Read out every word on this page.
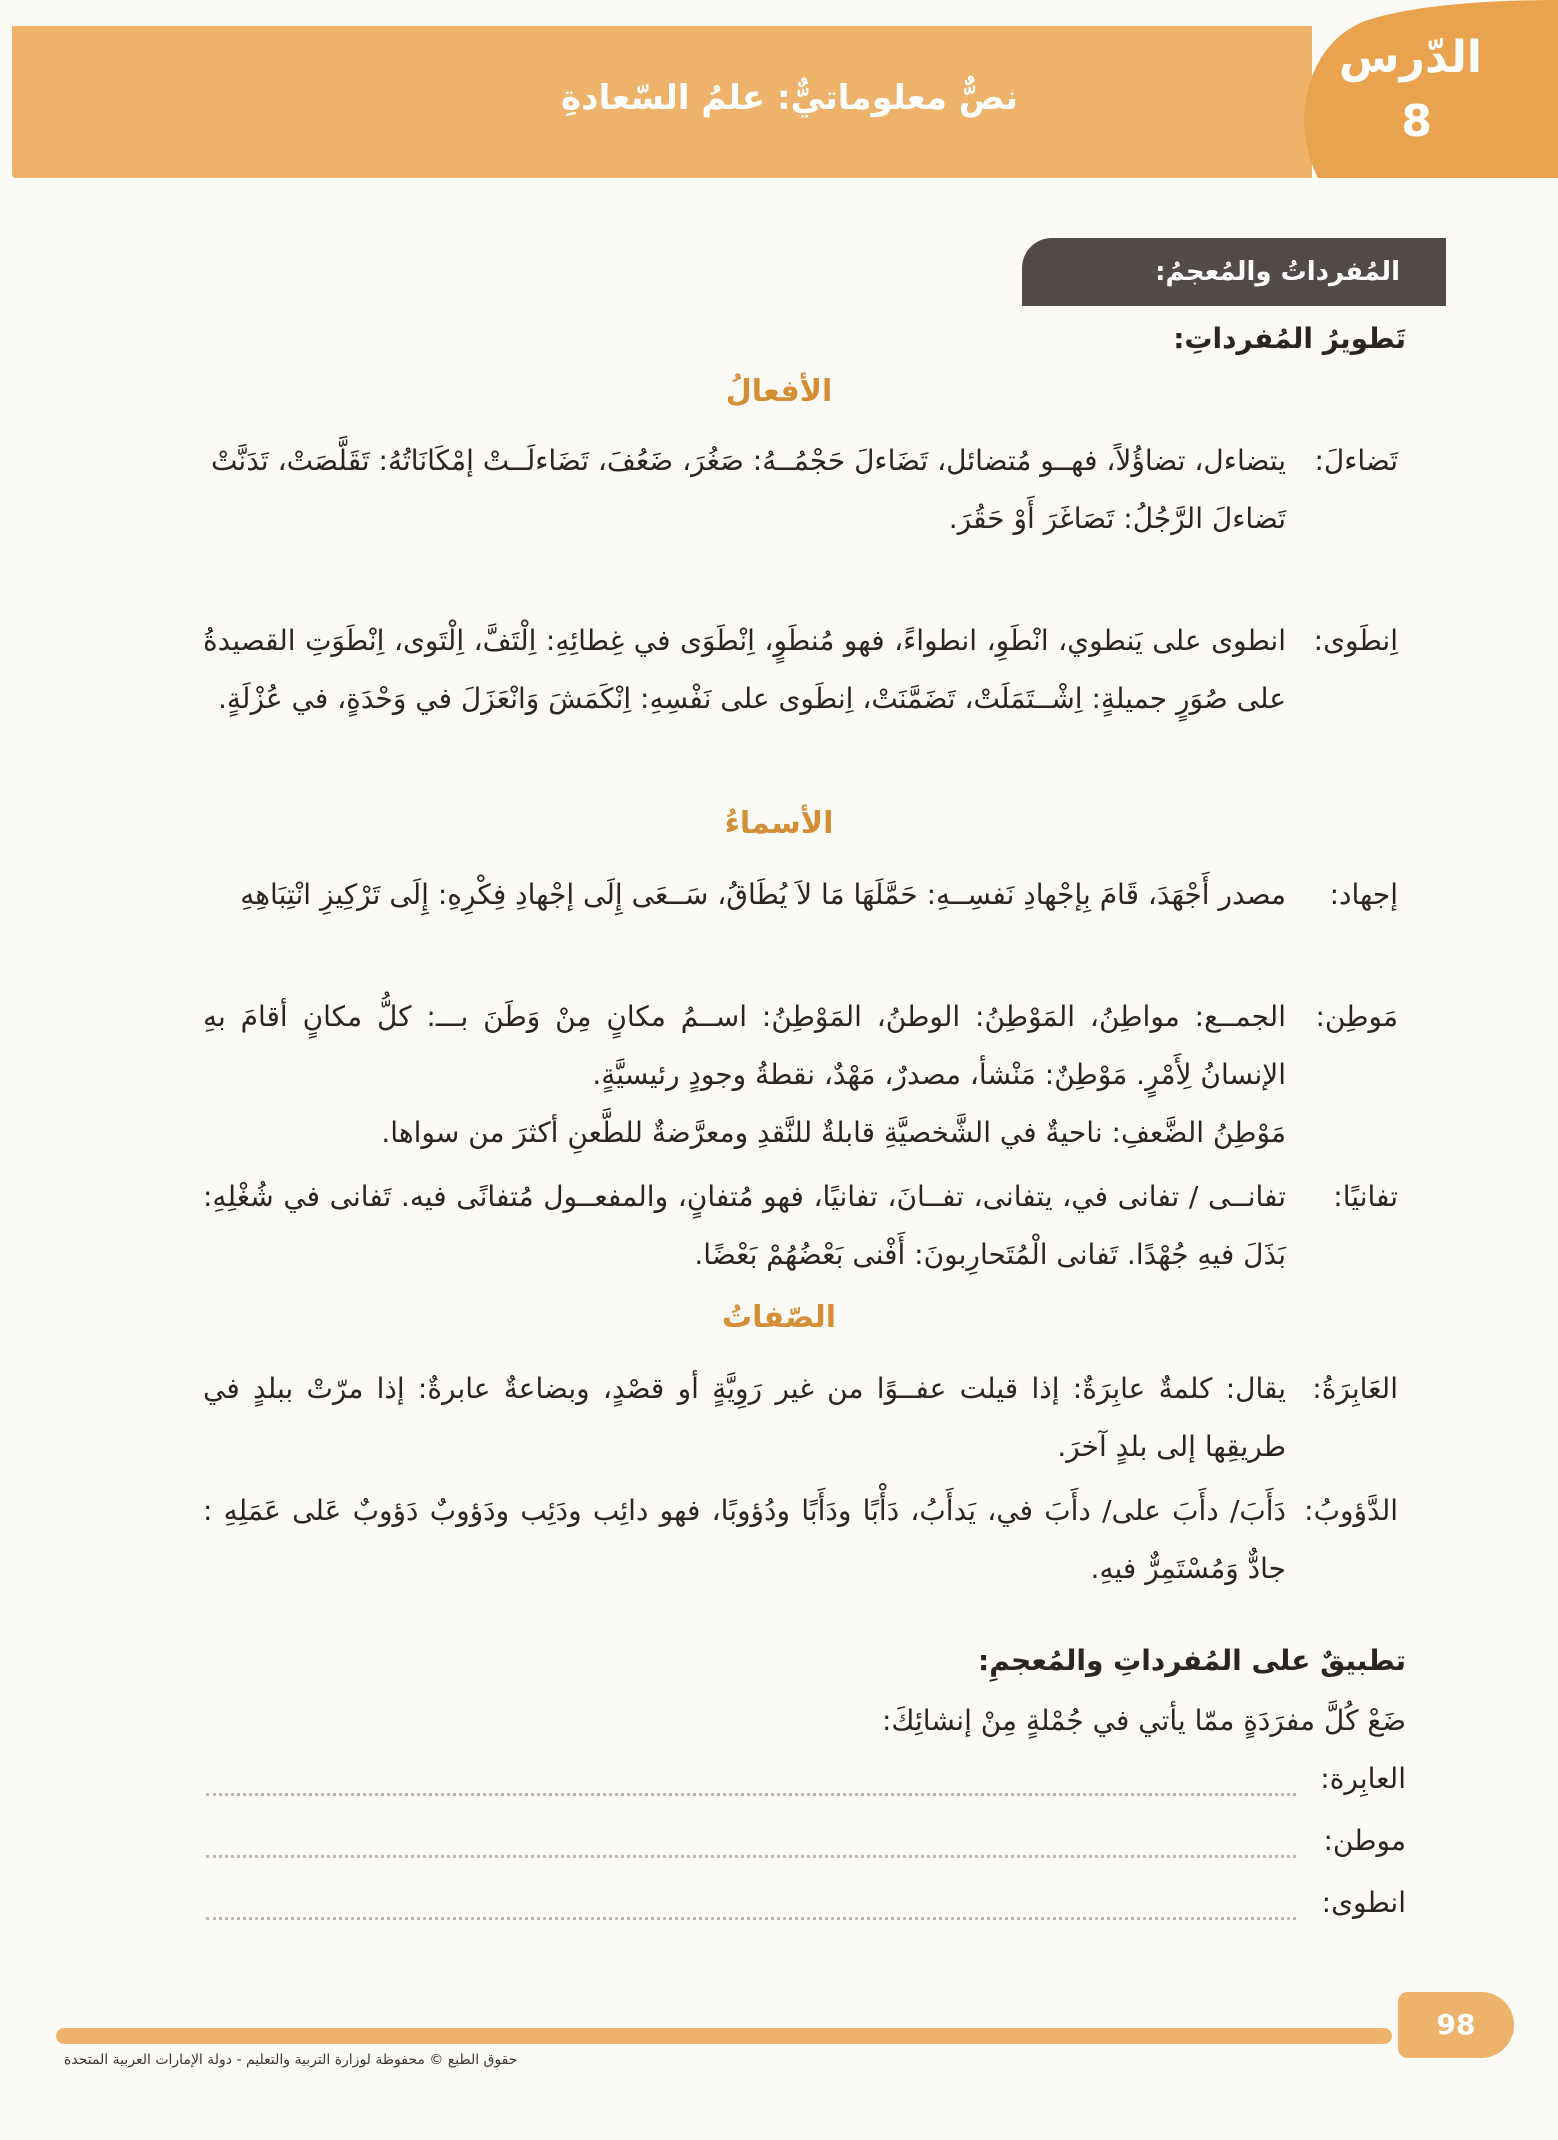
الدّرس
8
نصٌّ معلوماتيٌّ: علمُ السّعادةِ
المُفرداتُ والمُعجمُ:
تَطويرُ المُفرداتِ:
الأفعالُ
تَضاءلَ:
يتضاءل، تضاؤُلاً، فهــو مُتضائل، تَضَاءلَ حَجْمُــهُ: صَغُرَ، ضَعُفَ، تَضَاءلَــتْ إمْكَانَاتُهُ: تَقَلَّصَتْ، تَدَنَّتْ
تَضاءلَ الرَّجُلُ: تَصَاغَرَ أَوْ حَقُرَ.
اِنطَوى:
انطوى على يَنطوي، انْطَوِ، انطواءً، فهو مُنطَوٍ، اِنْطَوَى في غِطائِهِ: اِلْتَفَّ، اِلْتَوى، اِنْطَوَتِ القصيدةُ على صُوَرٍ جميلةٍ: اِشْــتَمَلَتْ، تَضَمَّنَتْ، اِنطَوى على نَفْسِهِ: اِنْكَمَشَ وَانْعَزَلَ في وَحْدَةٍ، في عُزْلَةٍ.
الأسماءُ
إجهاد:
مصدر أَجْهَدَ، قَامَ بِإجْهادِ نَفسِــهِ: حَمَّلَهَا مَا لاَ يُطَاقُ، سَــعَى إِلَى إجْهادِ فِكْرِهِ: إِلَى تَرْكِيزِ انْتِبَاهِهِ
مَوطِن:
الجمــع: مواطِنُ، المَوْطِنُ: الوطنُ، المَوْطِنُ: اســمُ مكانٍ مِنْ وَطَنَ بـــ: كلُّ مكانٍ أقامَ بهِ الإنسانُ لِأَمْرٍ. مَوْطِنٌ: مَنْشأ، مصدرٌ، مَهْدٌ، نقطةُ وجودٍ رئيسيَّةٍ.
مَوْطِنُ الضَّعفِ: ناحيةٌ في الشَّخصيَّةِ قابلةٌ للنَّقدِ ومعرَّضةٌ للطَّعنِ أكثرَ من سواها.
تفانيًا:
تفانــى / تفانى في، يتفانى، تفــانَ، تفانيًا، فهو مُتفانٍ، والمفعــول مُتفانًى فيه. تَفانى في شُغْلِهِ: بَذَلَ فيهِ جُهْدًا. تَفانى الْمُتَحارِبونَ: أَفْنى بَعْضُهُمْ بَعْضًا.
الصّفاتُ
العَابِرَةُ:
يقال: كلمةٌ عابِرَةٌ: إذا قيلت عفــوًا من غير رَوِيَّةٍ أو قصْدٍ، وبضاعةٌ عابرةٌ: إذا مرّتْ ببلدٍ في طريقِها إلى بلدٍ آخرَ.
الدَّؤوبُ:
دَأَبَ/ دأَبَ على/ دأَبَ في، يَدأَبُ، دَأْبًا ودَأَبًا ودُؤوبًا، فهو دائِب ودَئِب ودَؤوبٌ دَؤوبٌ عَلى عَمَلِهِ : جادٌّ وَمُسْتَمِرٌّ فيهِ.
تطبيقٌ على المُفرداتِ والمُعجمِ:
ضَعْ كُلَّ مفرَدَةٍ ممّا يأتي في جُمْلةٍ مِنْ إنشائِكَ:
العابِرة:
موطن:
انطوى:
98
حقوق الطبع © محفوظة لوزارة التربية والتعليم - دولة الإمارات العربية المتحدة
